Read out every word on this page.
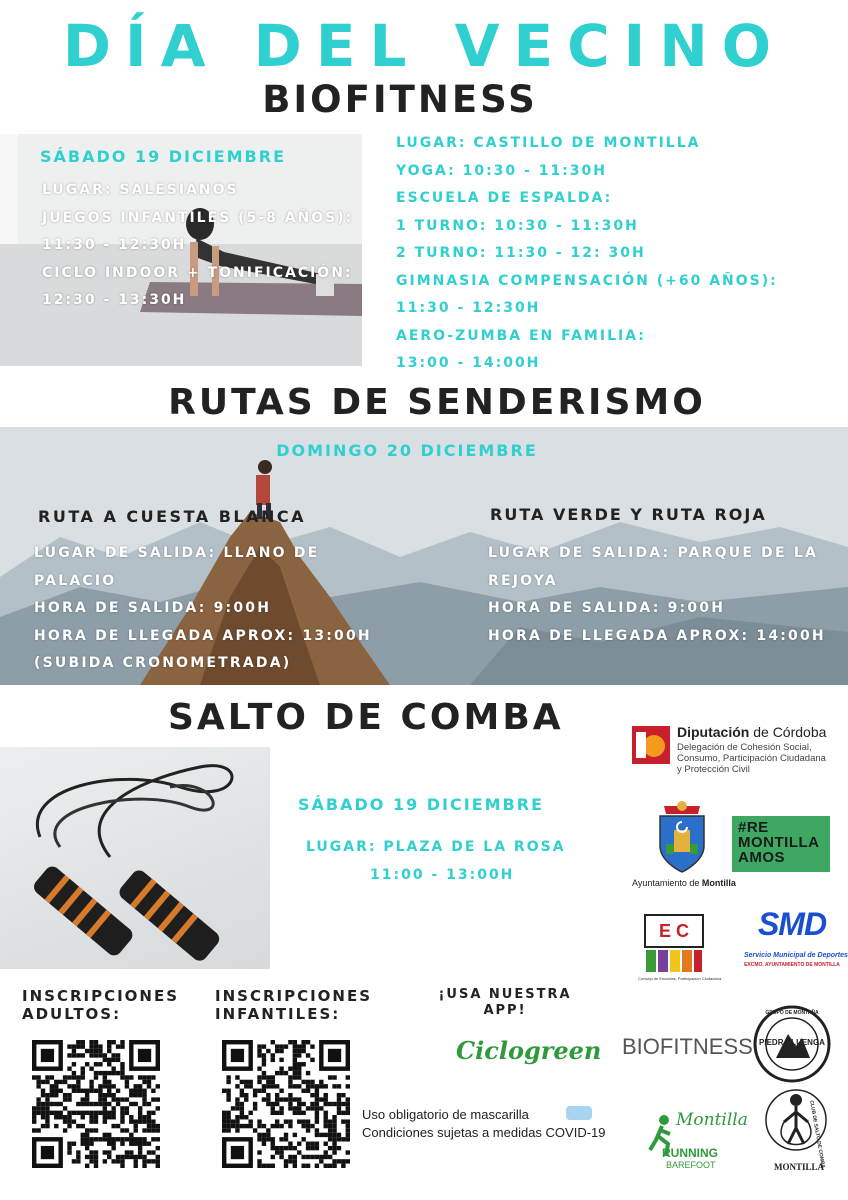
DÍA DEL VECINO
BIOFITNESS
SÁBADO 19 DICIEMBRE
LUGAR: SALESIANOS
JUEGOS INFANTILES (5-8 AÑOS):
11:30 - 12:30H
CICLO INDOOR + TONIFICACIÓN:
12:30 - 13:30H
LUGAR: CASTILLO DE MONTILLA
YOGA: 10:30 - 11:30H
ESCUELA DE ESPALDA:
1 TURNO: 10:30 - 11:30H
2 TURNO: 11:30 - 12: 30H
GIMNASIA COMPENSACIÓN (+60 AÑOS):
11:30 - 12:30H
AERO-ZUMBA EN FAMILIA:
13:00 - 14:00H
RUTAS DE SENDERISMO
DOMINGO 20 DICIEMBRE
RUTA A CUESTA BLANCA
LUGAR DE SALIDA: LLANO DE
PALACIO
HORA DE SALIDA: 9:00H
HORA DE LLEGADA APROX: 13:00H
(SUBIDA CRONOMETRADA)
RUTA VERDE Y RUTA ROJA
LUGAR DE SALIDA: PARQUE DE LA
REJOYA
HORA DE SALIDA: 9:00H
HORA DE LLEGADA APROX: 14:00H
SALTO DE COMBA
SÁBADO 19 DICIEMBRE
LUGAR: PLAZA DE LA ROSA
11:00 - 13:00H
Diputación de Córdoba
Delegación de Cohesión Social,
Consumo, Participación Ciudadana
y Protección Civil
Ayuntamiento de Montilla
#RE
MONTILLA
AMOS
E C
Consejo de Escuelas, Participación Ciudadana
SMD
Servicio Municipal de Deportes
EXCMO. AYUNTAMIENTO DE MONTILLA
INSCRIPCIONES
ADULTOS:
INSCRIPCIONES
INFANTILES:
¡USA NUESTRA
APP!
Ciclogreen BIOFITNESS PIEDRA LUENGA
GRUPO DE MONTAÑA
Uso obligatorio de mascarilla
Condiciones sujetas a medidas COVID-19
Montilla
RUNNING
BAREFOOT	CLUB DE SALTO DE COMBA
MONTILLA
